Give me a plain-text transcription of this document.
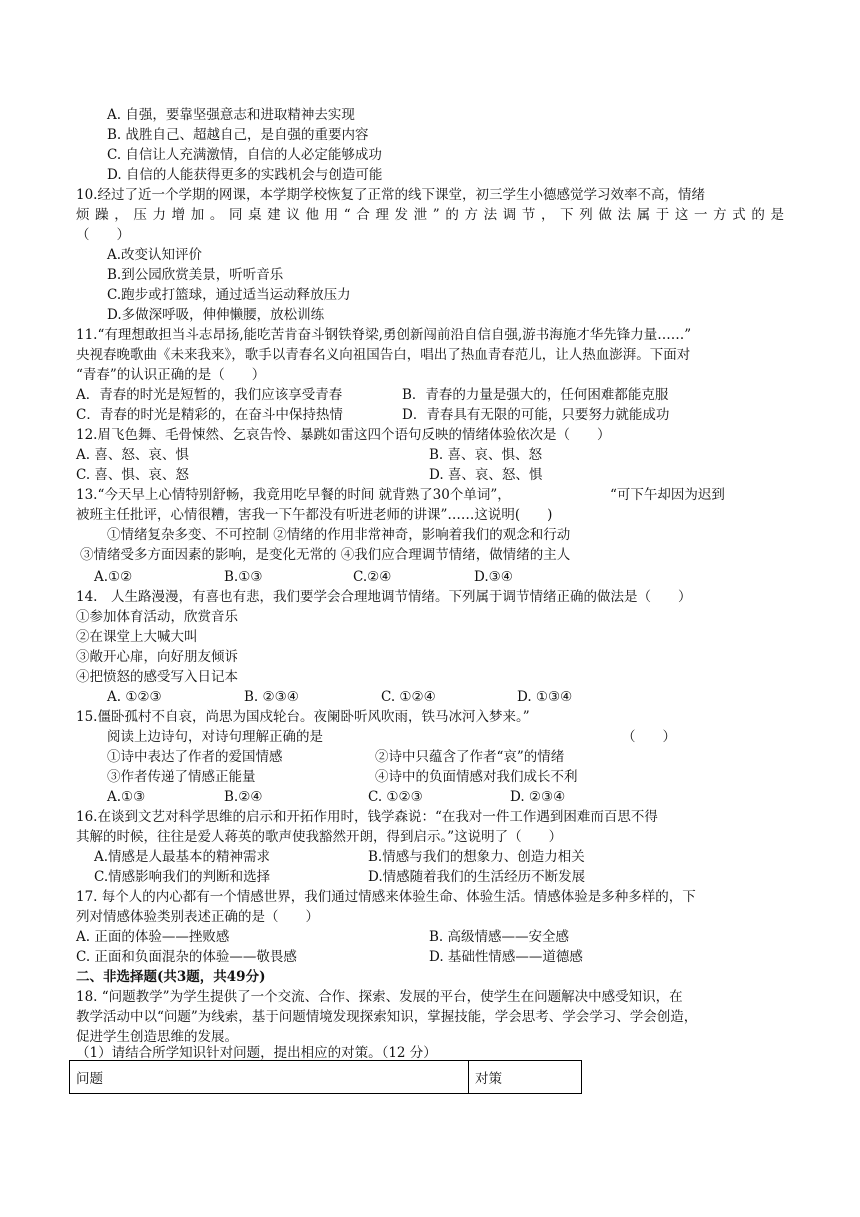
A. 自强，要靠坚强意志和进取精神去实现
B. 战胜自己、超越自己，是自强的重要内容
C. 自信让人充满激情，自信的人必定能够成功
D. 自信的人能获得更多的实践机会与创造可能
10.经过了近一个学期的网课，本学期学校恢复了正常的线下课堂，初三学生小德感觉学习效率不高，情绪
烦躁，压力增加。同桌建议他用“合理发泄”的方法调节，下列做法属于这一方式的是
（　　）
A.改变认知评价
B.到公园欣赏美景，听听音乐
C.跑步或打篮球，通过适当运动释放压力
D.多做深呼吸，伸伸懒腰，放松训练
11.“有理想敢担当斗志昂扬,能吃苦肯奋斗钢铁脊梁,勇创新闯前沿自信自强,游书海施才华先锋力量……”
央视春晚歌曲《未来我来》，歌手以青春名义向祖国告白，唱出了热血青春范儿，让人热血澎湃。下面对
“青春”的认识正确的是（　　）
A．青春的时光是短暂的，我们应该享受青春	B．青春的力量是强大的，任何困难都能克服
C．青春的时光是精彩的，在奋斗中保持热情	D．青春具有无限的可能，只要努力就能成功
12.眉飞色舞、毛骨悚然、乞哀告怜、暴跳如雷这四个语句反映的情绪体验依次是（　　）
A. 喜、怒、哀、惧	B. 喜、哀、惧、怒
C. 喜、惧、哀、怒	D. 喜、哀、怒、惧
13.“今天早上心情特别舒畅，我竟用吃早餐的时间 就背熟了30个单词”，	“可下午却因为迟到
被班主任批评，心情很糟，害我一下午都没有听进老师的讲课”……这说明(　　)
①情绪复杂多变、不可控制 ②情绪的作用非常神奇，影响着我们的观念和行动
③情绪受多方面因素的影响，是变化无常的 ④我们应合理调节情绪，做情绪的主人
A.①②	B.①③	C.②④	D.③④
14.　人生路漫漫，有喜也有悲，我们要学会合理地调节情绪。下列属于调节情绪正确的做法是（　　）
①参加体育活动，欣赏音乐
②在课堂上大喊大叫
③敞开心扉，向好朋友倾诉
④把愤怒的感受写入日记本
A. ①②③	B. ②③④	C. ①②④	D. ①③④
15.僵卧孤村不自哀，尚思为国戍轮台。夜阑卧听风吹雨，铁马冰河入梦来。”
阅读上边诗句，对诗句理解正确的是	（　　）
①诗中表达了作者的爱国情感	②诗中只蕴含了作者“哀”的情绪
③作者传递了情感正能量	④诗中的负面情感对我们成长不利
A.①③	B.②④	C. ①②③	D. ②③④
16.在谈到文艺对科学思维的启示和开拓作用时，钱学森说：“在我对一件工作遇到困难而百思不得
其解的时候，往往是爱人蒋英的歌声使我豁然开朗，得到启示。”这说明了（　　）
A.情感是人最基本的精神需求	B.情感与我们的想象力、创造力相关
C.情感影响我们的判断和选择	D.情感随着我们的生活经历不断发展
17. 每个人的内心都有一个情感世界，我们通过情感来体验生命、体验生活。情感体验是多种多样的，下
列对情感体验类别表述正确的是（　　）
A. 正面的体验——挫败感	B. 高级情感——安全感
C. 正面和负面混杂的体验——敬畏感	D. 基础性情感——道德感
二、非选择题(共3题，共49分)
18. “问题教学”为学生提供了一个交流、合作、探索、发展的平台，使学生在问题解决中感受知识，在
教学活动中以“问题”为线索，基于问题情境发现探索知识，掌握技能，学会思考、学会学习、学会创造，
促进学生创造思维的发展。
（1）请结合所学知识针对问题，提出相应的对策。（12 分）
问题	对策
